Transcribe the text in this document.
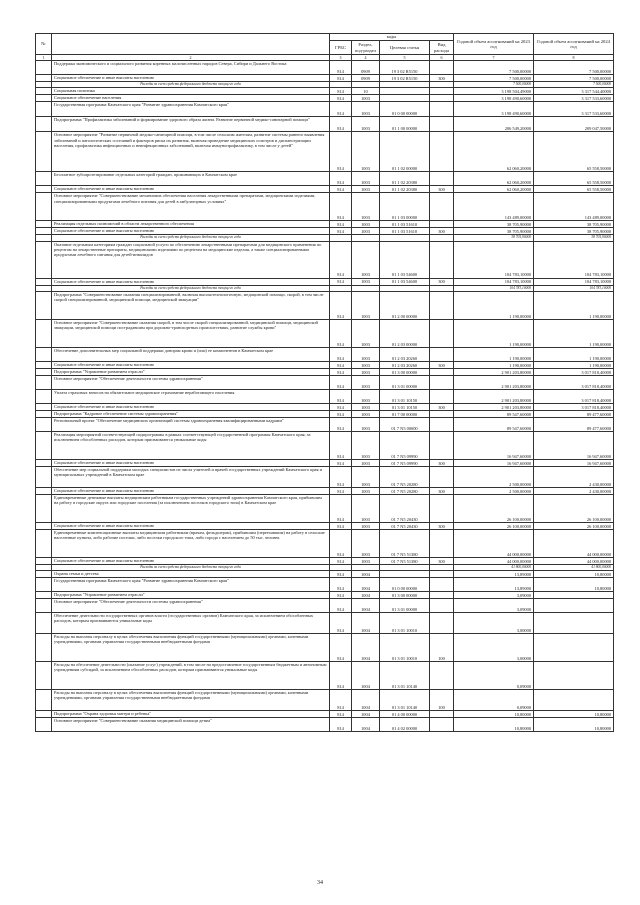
№		коды				Годовой объем ассигнований на 2023 год	Годовой объем ассигнований на 2024 год
		ГРБС	Раздел, под-раздел	Целевая статья	Вид расхода		
1	2	3	4	5	6	7	8
	Поддержка экономического и социального развития коренных малочисленных народов Севера, Сибири и Дальнего Востока	814	0909	19 3 02 R5150		7 500,00000	7 500,00000
	Социальное обеспечение и иные выплаты населению	814	0909	19 3 02 R5150	300	7 500,00000	7 500,00000
	Расходы за счет средств федерального бюджета текущего года					7 500,00000	7 500,00000
	Социальная политика	814	10			3 198 504,49000	3 317 544,40000
	Социальное обеспечение населения	814	1003			3 198 490,60000	3 317 533,60000
	Государственная программа Камчатского края "Развитие здравоохранения Камчатского края"	814	1003	01 0 00 00000		3 198 490,60000	3 317 533,60000
	Подпрограмма "Профилактика заболеваний и формирование здорового образа жизни. Развитие первичной медико-санитарной помощи"	814	1003	01 1 00 00000		206 549,20000	209 047,50000
	Основное мероприятие "Развитие первичной медико-санитарной помощи, в том числе сельским жителям, развитие системы раннего выявления заболеваний и патологических состояний и факторов риска их развития, включая проведение медицинских осмотров и диспансеризации населения, профилактика инфекционных и неинфекционных заболеваний, включая иммунопрофилактику, в том числе у детей"	814	1003	01 1 02 00000		62 060,20000	65 558,50000
	Бесплатное зубопротезирование отдельных категорий граждан, проживающих в Камчатском крае	814	1003	01 1 02 20380		62 060,20000	65 558,50000
	Социальное обеспечение и иные выплаты населению	814	1003	01 1 02 20380	300	62 060,20000	65 558,50000
	Основное мероприятие "Совершенствование механизмов обеспечения населения лекарственными препаратами, медицинскими изделиями, специализированными продуктами лечебного питания для детей в амбулаторных условиях"	814	1003	01 1 03 00000		143 489,00000	143 489,00000
	Реализация отдельных полномочий в области лекарственного обеспечения	814	1003	01 1 03 51610		38 705,90000	38 705,90000
	Социальное обеспечение и иные выплаты населению	814	1003	01 1 03 51610	300	38 705,90000	38 705,90000
	Расходы за счет средств федерального бюджета текущего года					38 705,90000	38 705,90000
	Оказание отдельным категориям граждан социальной услуги по обеспечению лекарственными препаратами для медицинского применения по рецептам на лекарственные препараты, медицинскими изделиями по рецептам на медицинские изделия, а также специализированными продуктами лечебного питания для детей-инвалидов	814	1003	01 1 03 54600		104 783,10000	104 783,10000
	Социальное обеспечение и иные выплаты населению	814	1003	01 1 03 54600	300	104 783,10000	104 783,10000
	Расходы за счет средств федерального бюджета текущего года					104 783,10000	104 783,10000
	Подпрограмма "Совершенствование оказания специализированной, включая высокотехнологичную, медицинской помощи, скорой, в том числе скорой специализированной, медицинской помощи, медицинской эвакуации"	814	1003	01 2 00 00000		1 190,00000	1 190,00000
	Основное мероприятие "Совершенствование оказания скорой, в том числе скорой специализированной, медицинской помощи, медицинской эвакуации, медицинской помощи пострадавшим при дорожно-транспортных происшествиях, развитие службы крови"	814	1003	01 2 03 00000		1 190,00000	1 190,00000
	Обеспечение дополнительных мер социальной поддержки донорам крови и (или) ее компонентов в Камчатском крае	814	1003	01 2 03 20260		1 190,00000	1 190,00000
	Социальное обеспечение и иные выплаты населению	814	1003	01 2 03 20260	300	1 190,00000	1 190,00000
	Подпрограмма "Управление развитием отрасли"	814	1003	01 3 00 00000		2 901 203,80000	3 017 818,40000
	Основное мероприятие "Обеспечение деятельности системы здравоохранения"	814	1003	01 3 01 00000		2 901 203,80000	3 017 818,40000
	Уплата страховых взносов на обязательное медицинское страхование неработающего населения	814	1003	01 3 01 10150		2 901 203,80000	3 017 818,40000
	Социальное обеспечение и иные выплаты населению	814	1003	01 3 01 10150	300	2 901 203,80000	3 017 818,40000
	Подпрограмма "Кадровое обеспечение системы здравоохранения"	814	1003	01 7 00 00000		89 547,60000	89 477,60000
	Региональный проект "Обеспечение медицинских организаций системы здравоохранения квалифицированными кадрами"	814	1003	01 7 N5 00000		89 547,60000	89 477,60000
	Реализация мероприятий соответствующей подпрограммы в рамках соответствующей государственной программы Камчатского края, за исключением обособленных расходов, которым присваиваются уникальные коды	814	1003	01 7 N5 09990		16 947,60000	16 947,60000
	Социальное обеспечение и иные выплаты населению	814	1003	01 7 N5 09990	300	16 947,60000	16 947,60000
	Обеспечение мер социальной поддержки молодых специалистов из числа учителей и врачей государственных учреждений Камчатского края и муниципальных учреждений в Камчатском крае	814	1003	01 7 N5 20280		2 500,00000	2 430,00000
	Социальное обеспечение и иные выплаты населению	814	1003	01 7 N5 20280	300	2 500,00000	2 430,00000
	Единовременные денежные выплаты медицинским работникам государственных учреждений здравоохранения Камчатского края, прибывшим на работу в городские округа или городские поселения (за исключением поселков городского типа) в Камчатском крае	814	1003	01 7 N5 20430		26 100,00000	26 100,00000
	Социальное обеспечение и иные выплаты населению	814	1003	01 7 N5 20430	300	26 100,00000	26 100,00000
	Единовременные компенсационные выплаты медицинским работникам (врачам, фельдшерам), прибывшим (переехавшим) на работу в сельские населенные пункты, либо рабочие поселки, либо поселки городского типа, либо города с населением до 50 тыс. человек	814	1003	01 7 N5 51380		44 000,00000	44 000,00000
	Социальное обеспечение и иные выплаты населению	814	1003	01 7 N5 51380	300	44 000,00000	44 000,00000
	Расходы за счет средств федерального бюджета текущего года					41 800,00000	41 800,00000
	Охрана семьи и детства	814	1004			13,89000	10,80000
	Государственная программа Камчатского края "Развитие здравоохранения Камчатского края"	814	1004	01 0 00 00000		13,89000	10,80000
	Подпрограмма "Управление развитием отрасли"	814	1004	01 3 00 00000		3,09000	
	Основное мероприятие "Обеспечение деятельности системы здравоохранения"	814	1004	01 3 01 00000		3,09000	
	Обеспечение деятельности государственных органов власти (государственных органов) Камчатского края, за исключением обособленных расходов, которым присваиваются уникальные коды	814	1004	01 3 01 10010		3,00000	
	Расходы на выплаты персоналу в целях обеспечения выполнения функций государственными (муниципальными) органами, казенными учреждениями, органами управления государственными внебюджетными фондами	814	1004	01 3 01 10010	100	3,00000	
	Расходы на обеспечение деятельности (оказание услуг) учреждений, в том числе на предоставление государственным бюджетным и автономным учреждениям субсидий, за исключением обособленных расходов, которым присваиваются уникальные коды	814	1004	01 3 01 10140		0,09000	
	Расходы на выплаты персоналу в целях обеспечения выполнения функций государственными (муниципальными) органами, казенными учреждениями, органами управления государственными внебюджетными фондами	814	1004	01 3 01 10140	100	0,09000	
	Подпрограмма "Охрана здоровья матери и ребенка"	814	1004	01 4 00 00000		10,80000	10,80000
	Основное мероприятие "Совершенствование оказания медицинской помощи детям"	814	1004	01 4 02 00000		10,80000	10,80000
34
